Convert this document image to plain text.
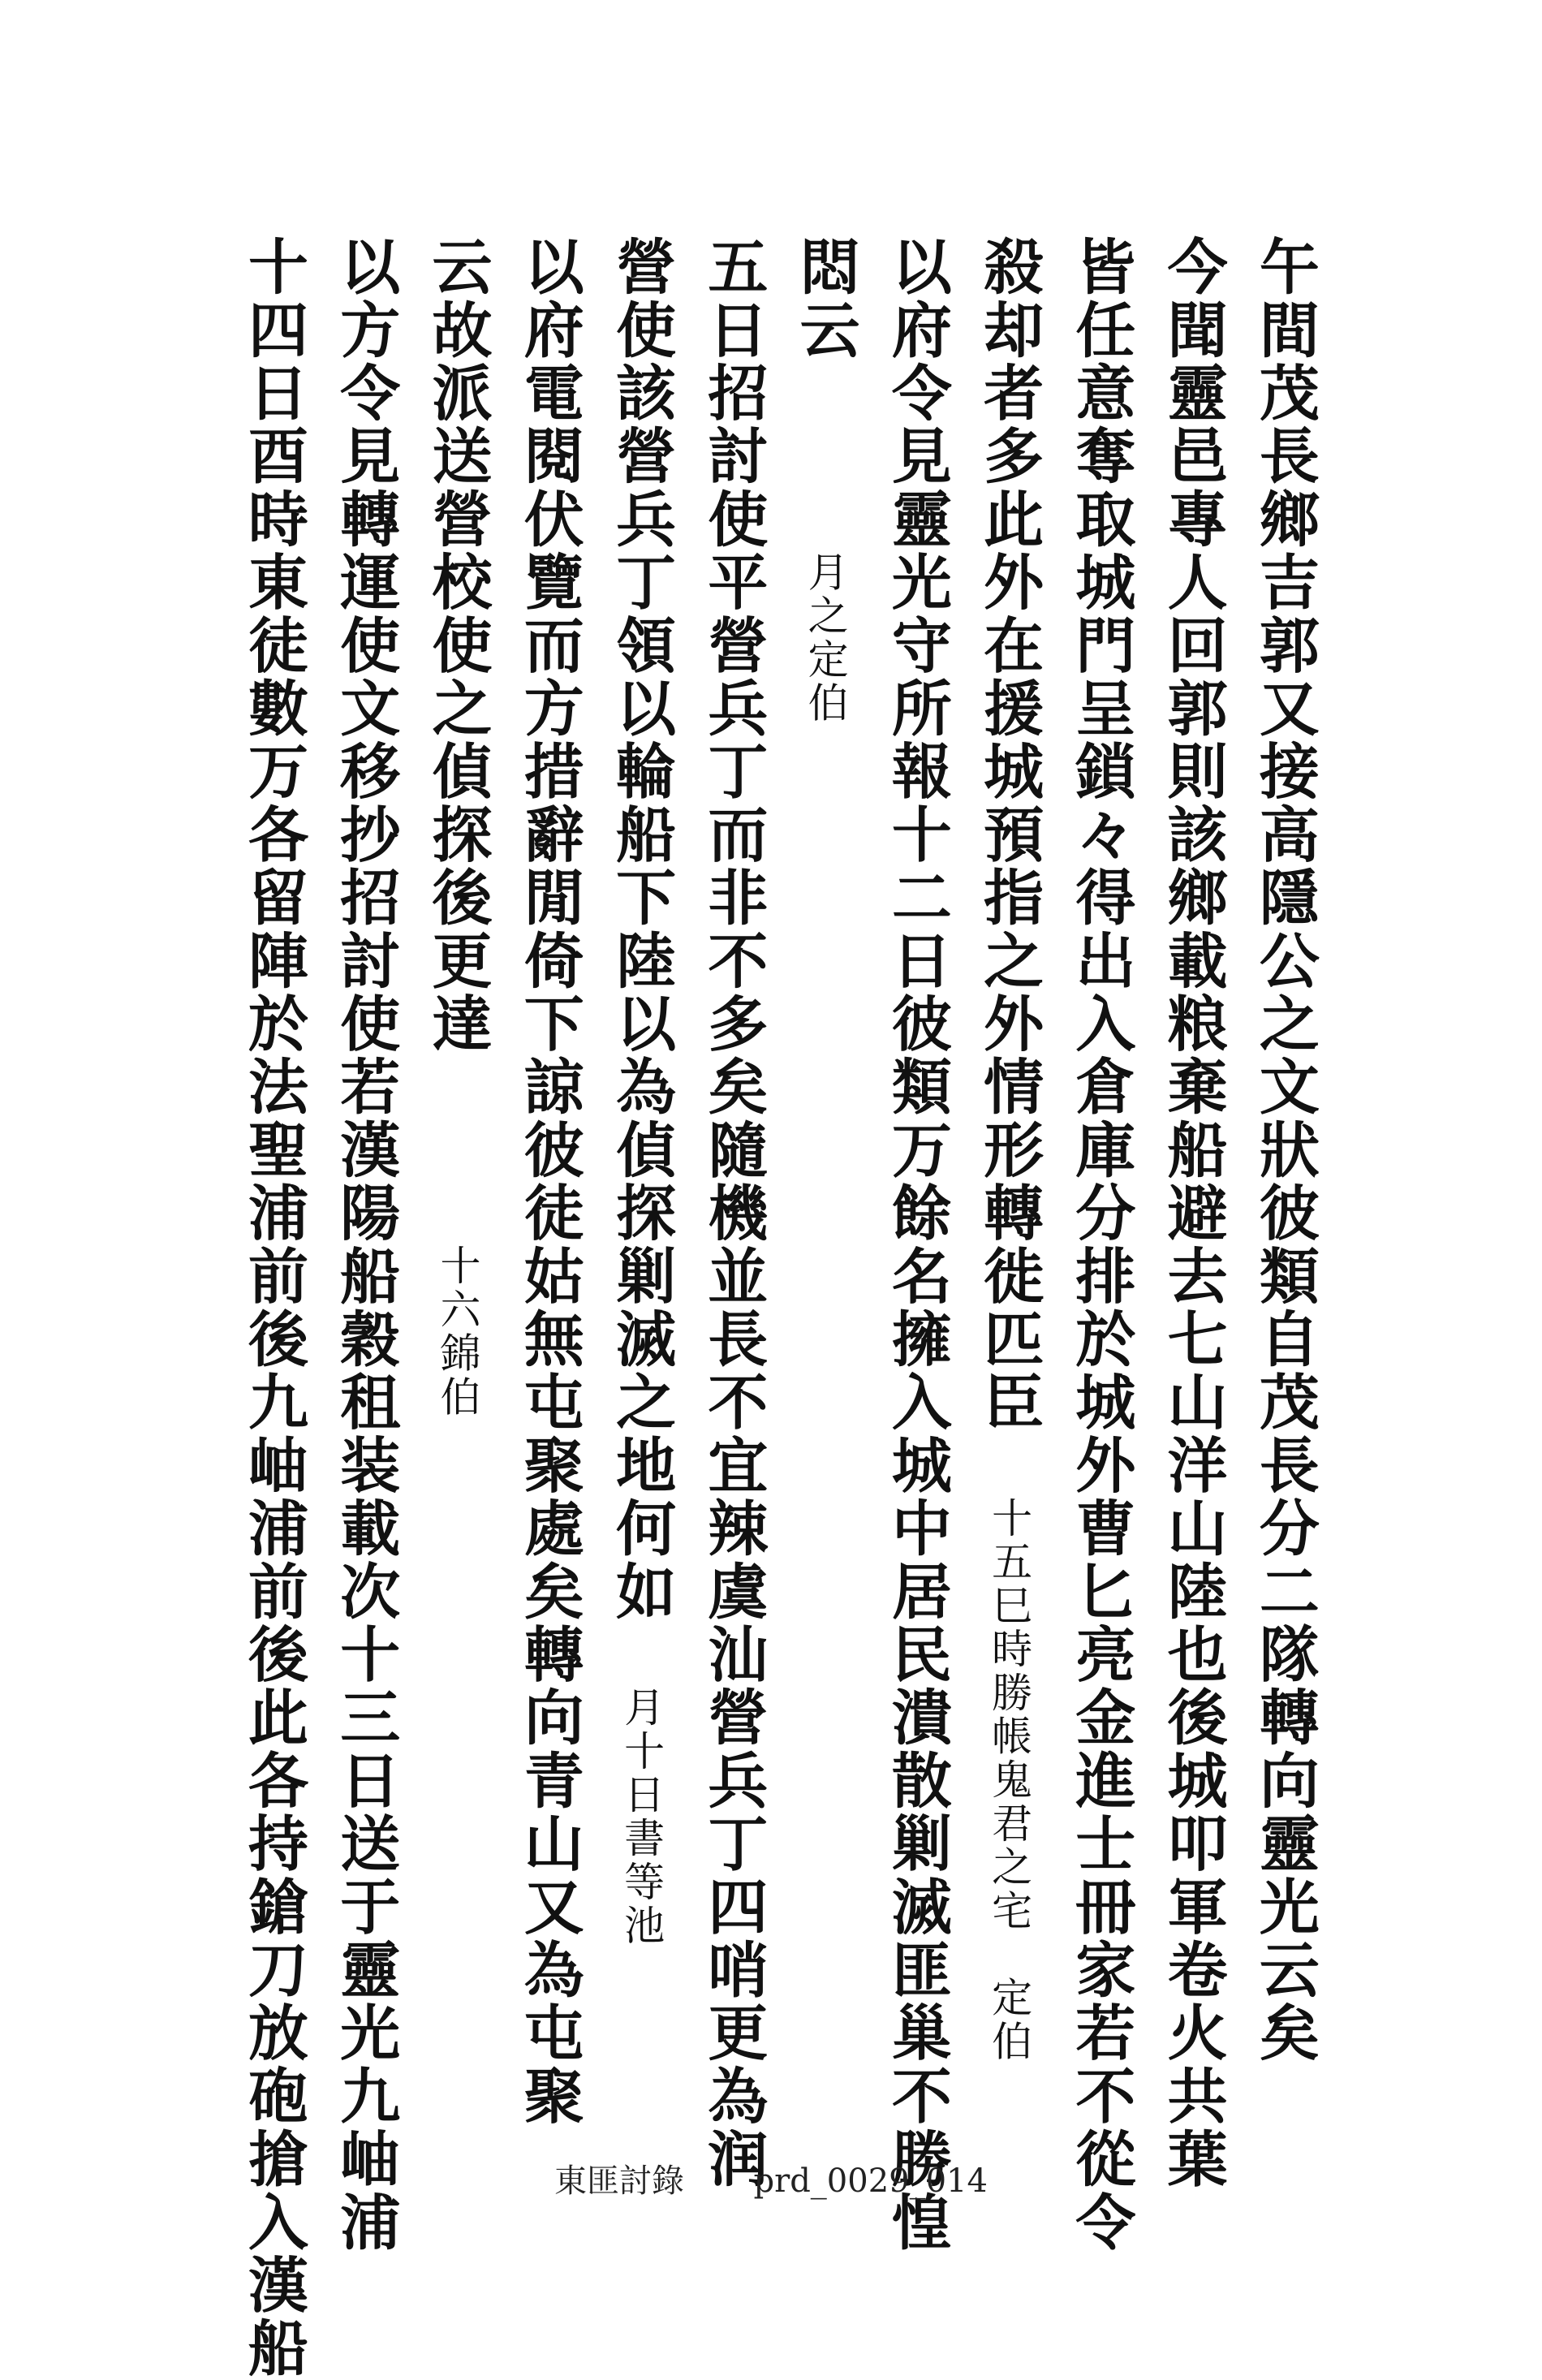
午間茂長鄉吉郭又接高隱公之文狀彼類自茂長分二隊轉向靈光云矣
今聞靈邑專人回郭則該鄉載粮棄船避去七山洋山陸也後城叩軍卷火共葉
皆任意奪取城門呈鎖々得出入倉庫分排於城外曹匕亮金進士冊家若不從令
殺却者多此外在援城預指之外情形轉徙匹臣　十五巳時勝帳鬼君之宅　定伯
以府令見靈光守所報十二日彼類万餘名擁入城中居民潰散剿滅匪巢不勝惶
悶云　　　月之定伯
五日招討使平營兵丁而非不多矣隨機並長不宜辣虞汕營兵丁四哨更為润
營使該營兵丁領以輪船下陸以為偵探剿滅之地何如　月十日書等池
以府電閱伏覽而方措辭閒倚下諒彼徒姑無屯聚處矣轉向青山又為屯聚
云故派送營校使之偵探後更達　　　十六錦伯
以方令見轉運使文移抄招討使若漢陽船穀租装載次十三日送于靈光九岫浦
十四日酉時東徒數万各留陣於法聖浦前後九岫浦前後此各持鎗刀放砲搶入漢船	東匪討錄 prd_0029_014
